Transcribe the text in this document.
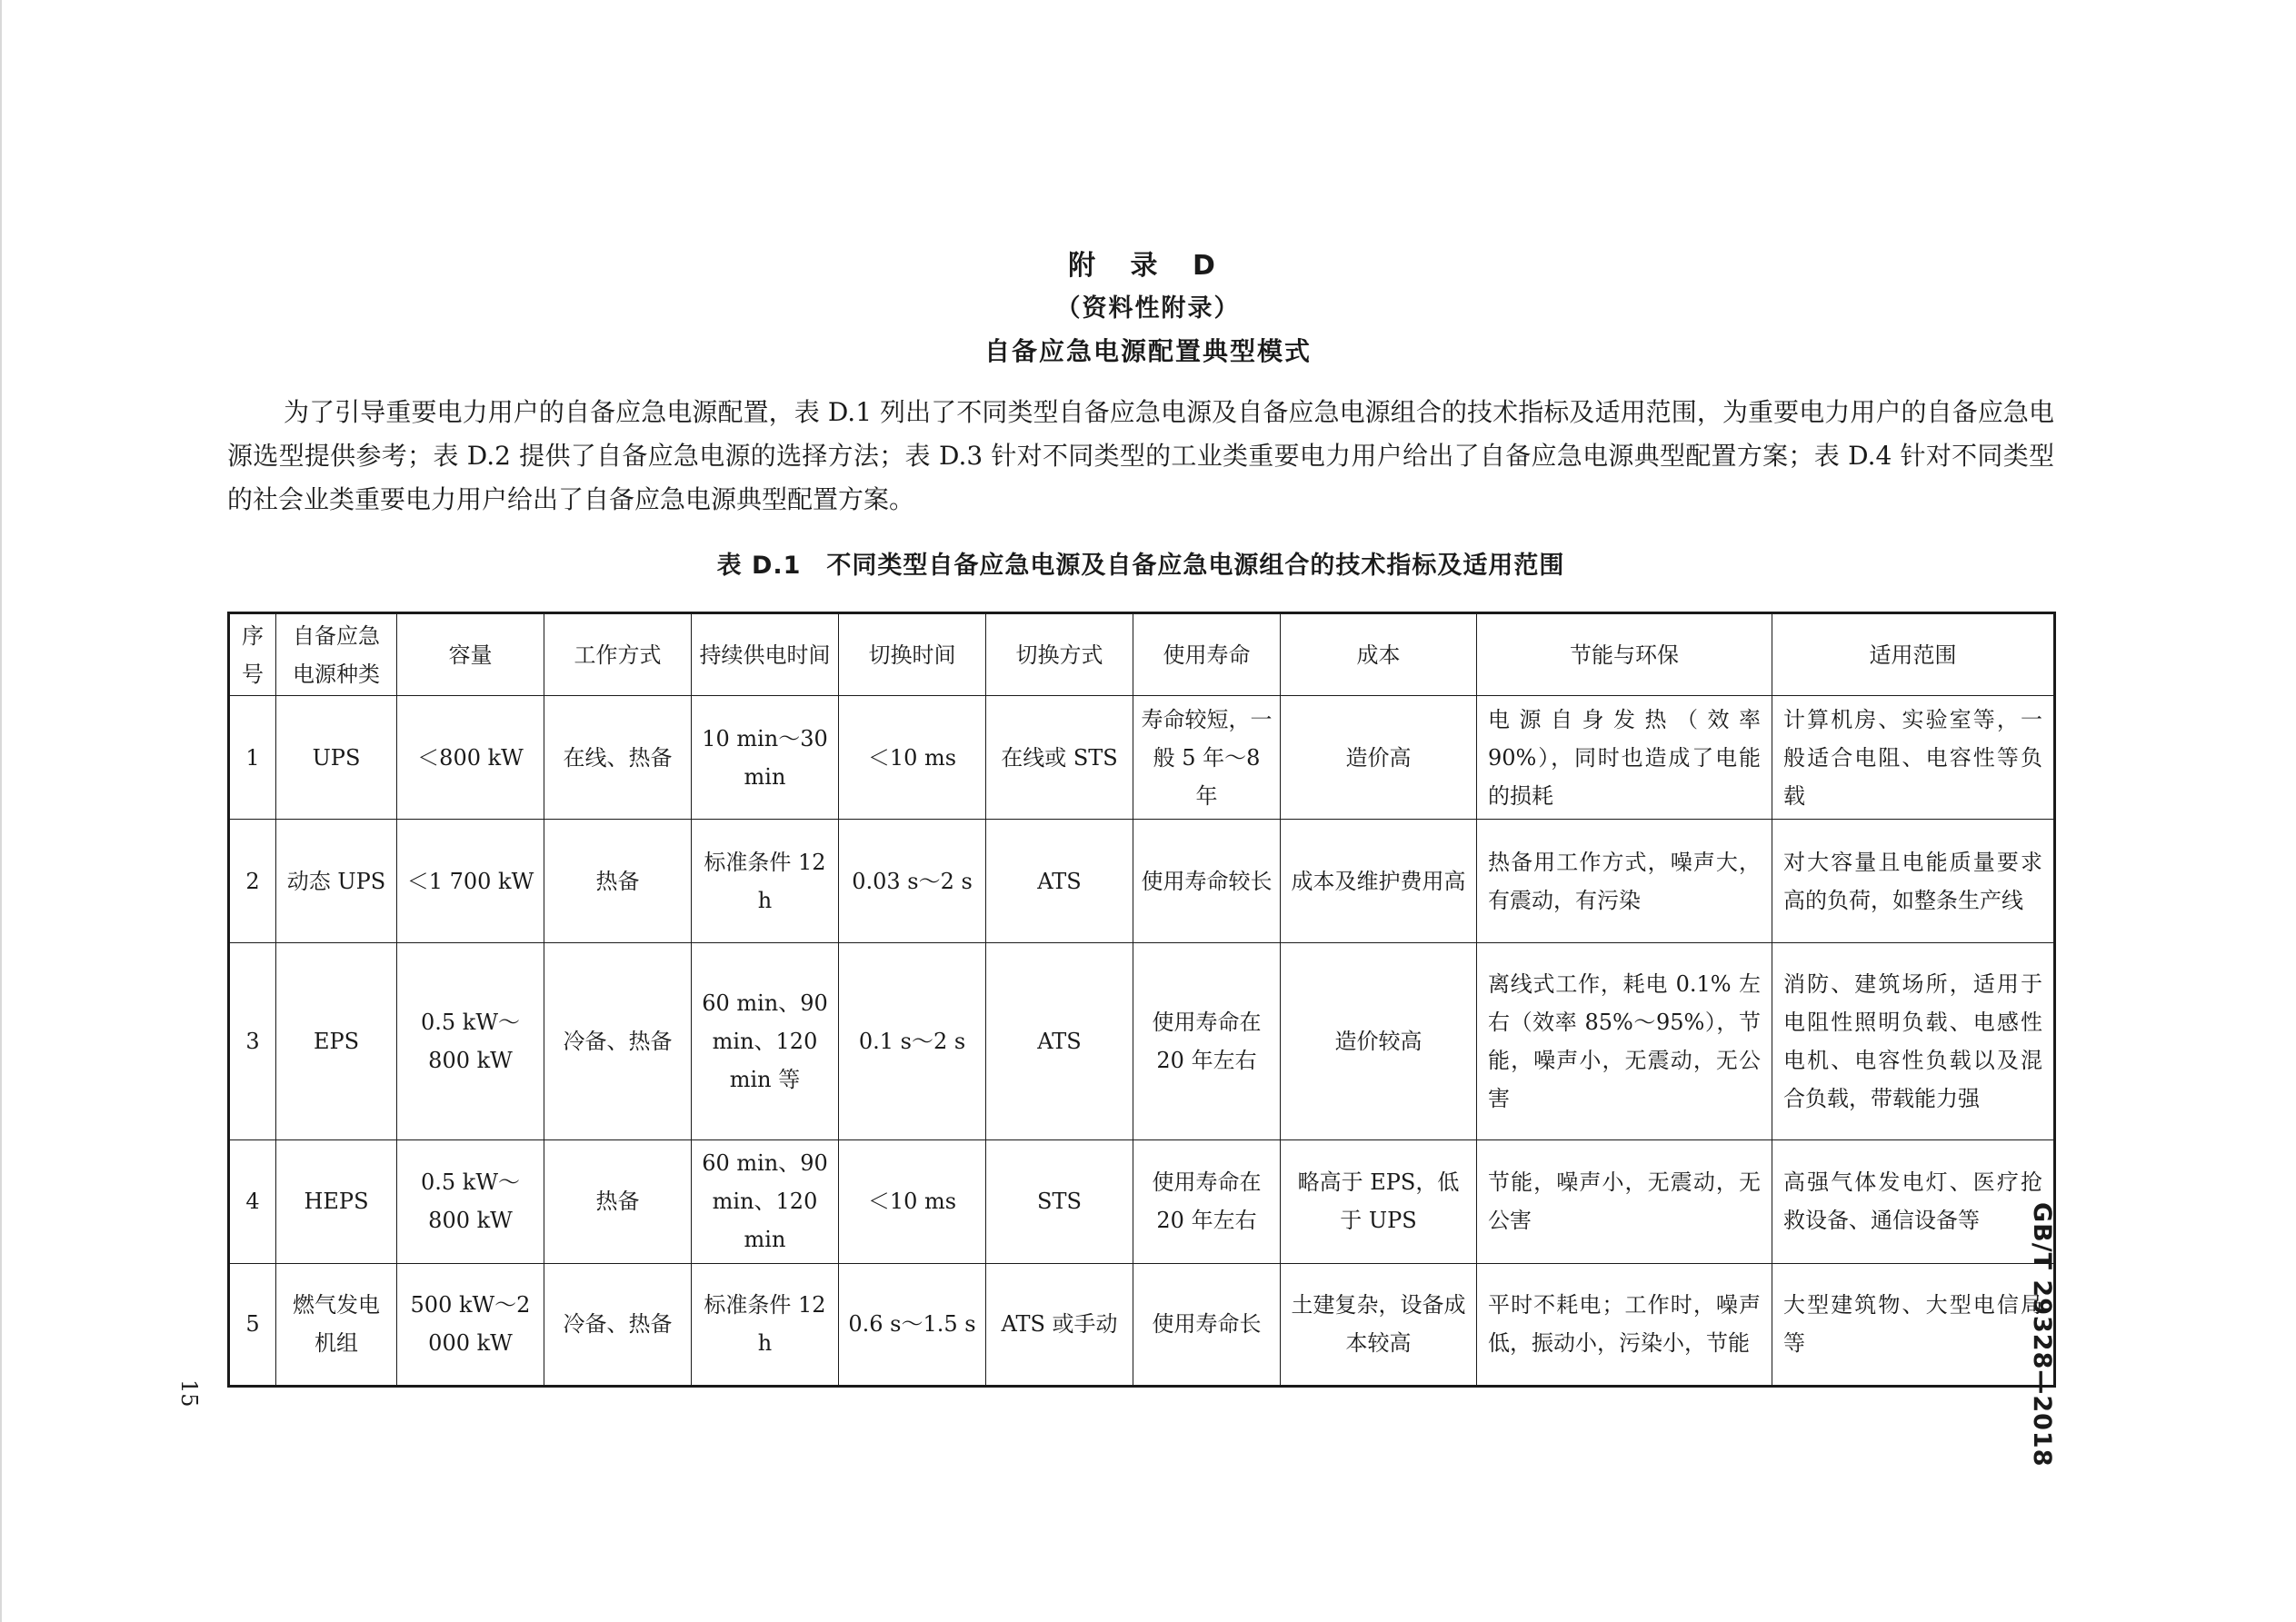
附 录 D
（资料性附录）
自备应急电源配置典型模式

为了引导重要电力用户的自备应急电源配置，表 D.1 列出了不同类型自备应急电源及自备应急电源组合的技术指标及适用范围，为重要电力用户的自备应急电源选型提供参考；表 D.2 提供了自备应急电源的选择方法；表 D.3 针对不同类型的工业类重要电力用户给出了自备应急电源典型配置方案；表 D.4 针对不同类型的社会业类重要电力用户给出了自备应急电源典型配置方案。

表 D.1　不同类型自备应急电源及自备应急电源组合的技术指标及适用范围
序号	自备应急电源种类	容量	工作方式	持续供电时间	切换时间	切换方式	使用寿命	成本	节能与环保	适用范围
1	UPS	＜800 kW	在线、热备	10 min～30 min	＜10 ms	在线或 STS	寿命较短，一般 5 年～8 年	造价高	电源自身发热（效率 90%），同时也造成了电能的损耗	计算机房、实验室等，一般适合电阻、电容性等负载
2	动态 UPS	＜1 700 kW	热备	标准条件 12 h	0.03 s～2 s	ATS	使用寿命较长	成本及维护费用高	热备用工作方式，噪声大，有震动，有污染	对大容量且电能质量要求高的负荷，如整条生产线
3	EPS	0.5 kW～800 kW	冷备、热备	60 min、90 min、120 min 等	0.1 s～2 s	ATS	使用寿命在 20 年左右	造价较高	离线式工作，耗电 0.1% 左右（效率 85%～95%），节能，噪声小，无震动，无公害	消防、建筑场所，适用于电阻性照明负载、电感性电机、电容性负载以及混合负载，带载能力强
4	HEPS	0.5 kW～800 kW	热备	60 min、90 min、120 min	＜10 ms	STS	使用寿命在 20 年左右	略高于 EPS，低于 UPS	节能，噪声小，无震动，无公害	高强气体发电灯、医疗抢救设备、通信设备等
5	燃气发电机组	500 kW～2 000 kW	冷备、热备	标准条件 12 h	0.6 s～1.5 s	ATS 或手动	使用寿命长	土建复杂，设备成本较高	平时不耗电；工作时，噪声低，振动小，污染小，节能	大型建筑物、大型电信局等	GB/T 29328—2018
15
